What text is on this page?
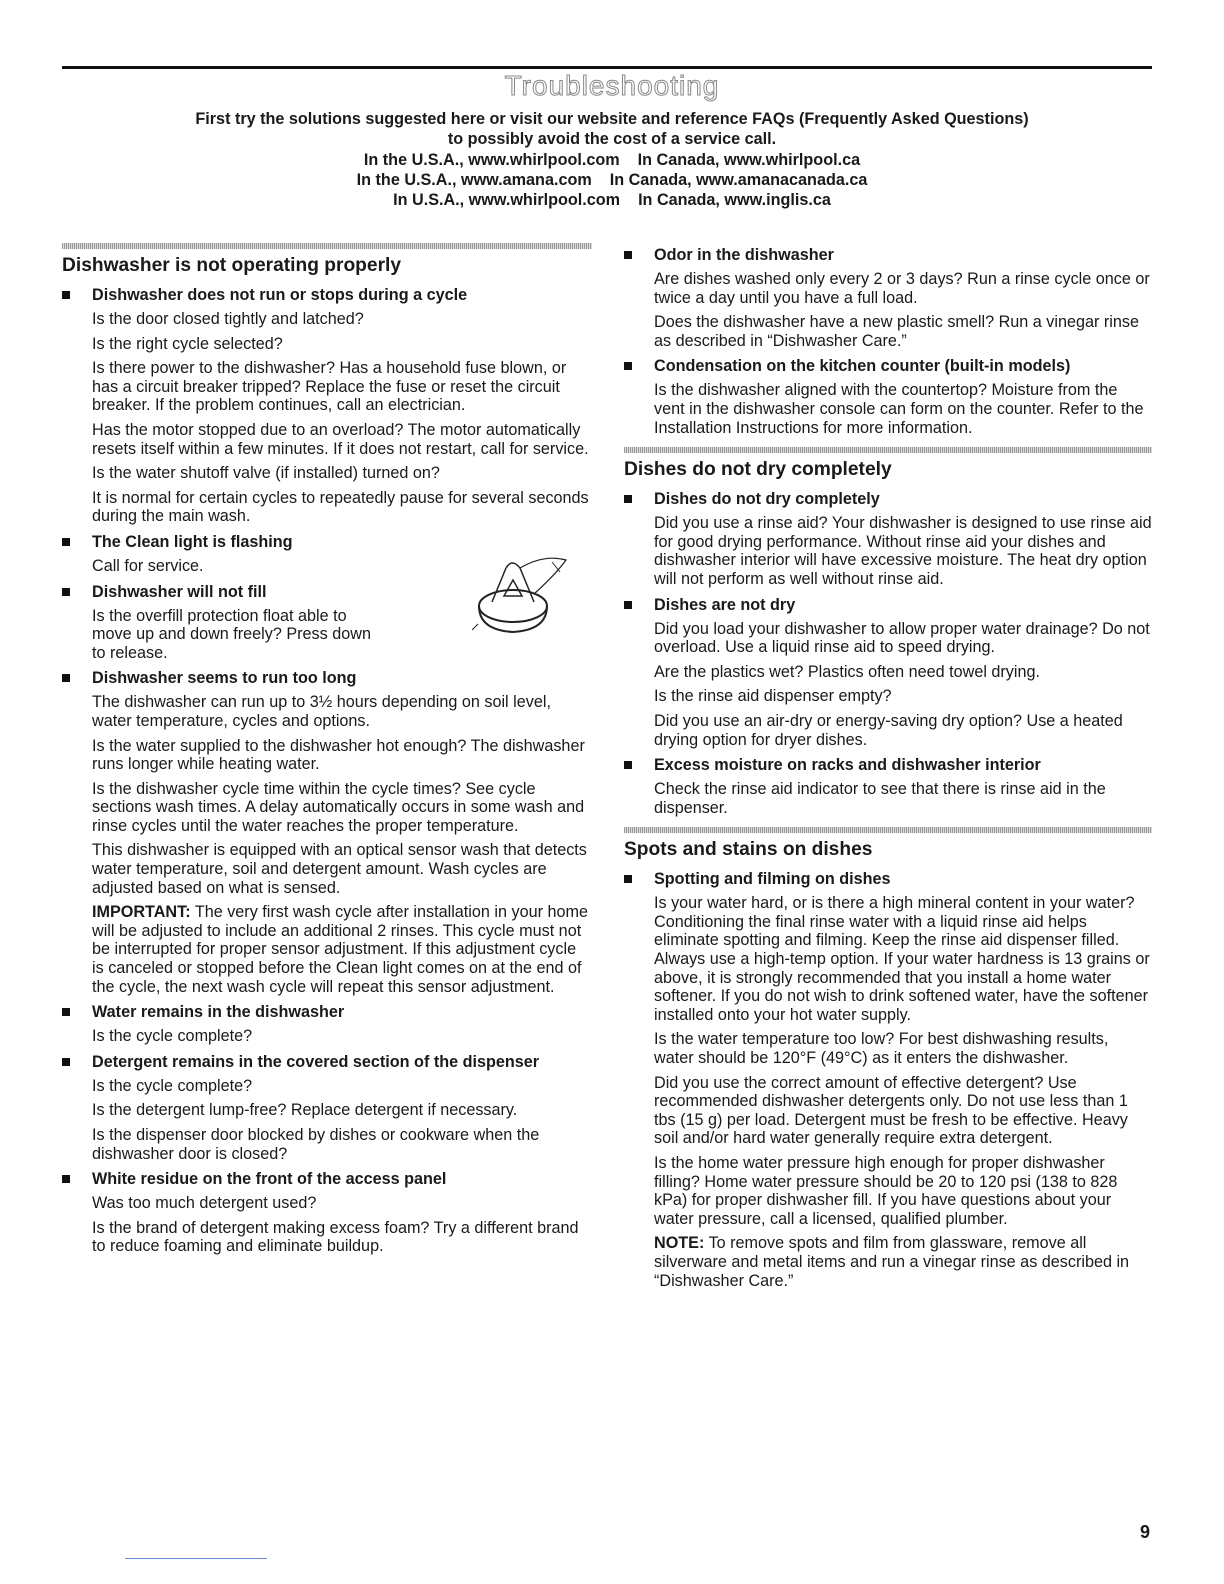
Troubleshooting
First try the solutions suggested here or visit our website and reference FAQs (Frequently Asked Questions)
to possibly avoid the cost of a service call.
In the U.S.A., www.whirlpool.com In Canada, www.whirlpool.ca
In the U.S.A., www.amana.com In Canada, www.amanacanada.ca
In U.S.A., www.whirlpool.com In Canada, www.inglis.ca
Dishwasher is not operating properly
Dishwasher does not run or stops during a cycle
Is the door closed tightly and latched?
Is the right cycle selected?
Is there power to the dishwasher? Has a household fuse blown, or has a circuit breaker tripped? Replace the fuse or reset the circuit breaker. If the problem continues, call an electrician.
Has the motor stopped due to an overload? The motor automatically resets itself within a few minutes. If it does not restart, call for service.
Is the water shutoff valve (if installed) turned on?
It is normal for certain cycles to repeatedly pause for several seconds during the main wash.
The Clean light is flashing
Call for service.
Dishwasher will not fill
Is the overfill protection float able to move up and down freely? Press down to release.
Dishwasher seems to run too long
The dishwasher can run up to 3½ hours depending on soil level, water temperature, cycles and options.
Is the water supplied to the dishwasher hot enough? The dishwasher runs longer while heating water.
Is the dishwasher cycle time within the cycle times? See cycle sections wash times. A delay automatically occurs in some wash and rinse cycles until the water reaches the proper temperature.
This dishwasher is equipped with an optical sensor wash that detects water temperature, soil and detergent amount. Wash cycles are adjusted based on what is sensed.
IMPORTANT: The very first wash cycle after installation in your home will be adjusted to include an additional 2 rinses. This cycle must not be interrupted for proper sensor adjustment. If this adjustment cycle is canceled or stopped before the Clean light comes on at the end of the cycle, the next wash cycle will repeat this sensor adjustment.
Water remains in the dishwasher
Is the cycle complete?
Detergent remains in the covered section of the dispenser
Is the cycle complete?
Is the detergent lump-free? Replace detergent if necessary.
Is the dispenser door blocked by dishes or cookware when the dishwasher door is closed?
White residue on the front of the access panel
Was too much detergent used?
Is the brand of detergent making excess foam? Try a different brand to reduce foaming and eliminate buildup.
Odor in the dishwasher
Are dishes washed only every 2 or 3 days? Run a rinse cycle once or twice a day until you have a full load.
Does the dishwasher have a new plastic smell? Run a vinegar rinse as described in “Dishwasher Care.”
Condensation on the kitchen counter (built-in models)
Is the dishwasher aligned with the countertop? Moisture from the vent in the dishwasher console can form on the counter. Refer to the Installation Instructions for more information.
Dishes do not dry completely
Dishes do not dry completely
Did you use a rinse aid? Your dishwasher is designed to use rinse aid for good drying performance. Without rinse aid your dishes and dishwasher interior will have excessive moisture. The heat dry option will not perform as well without rinse aid.
Dishes are not dry
Did you load your dishwasher to allow proper water drainage? Do not overload. Use a liquid rinse aid to speed drying.
Are the plastics wet? Plastics often need towel drying.
Is the rinse aid dispenser empty?
Did you use an air-dry or energy-saving dry option? Use a heated drying option for dryer dishes.
Excess moisture on racks and dishwasher interior
Check the rinse aid indicator to see that there is rinse aid in the dispenser.
Spots and stains on dishes
Spotting and filming on dishes
Is your water hard, or is there a high mineral content in your water? Conditioning the final rinse water with a liquid rinse aid helps eliminate spotting and filming. Keep the rinse aid dispenser filled. Always use a high-temp option. If your water hardness is 13 grains or above, it is strongly recommended that you install a home water softener. If you do not wish to drink softened water, have the softener installed onto your hot water supply.
Is the water temperature too low? For best dishwashing results, water should be 120°F (49°C) as it enters the dishwasher.
Did you use the correct amount of effective detergent? Use recommended dishwasher detergents only. Do not use less than 1 tbs (15 g) per load. Detergent must be fresh to be effective. Heavy soil and/or hard water generally require extra detergent.
Is the home water pressure high enough for proper dishwasher filling? Home water pressure should be 20 to 120 psi (138 to 828 kPa) for proper dishwasher fill. If you have questions about your water pressure, call a licensed, qualified plumber.
NOTE: To remove spots and film from glassware, remove all silverware and metal items and run a vinegar rinse as described in “Dishwasher Care.”
9
